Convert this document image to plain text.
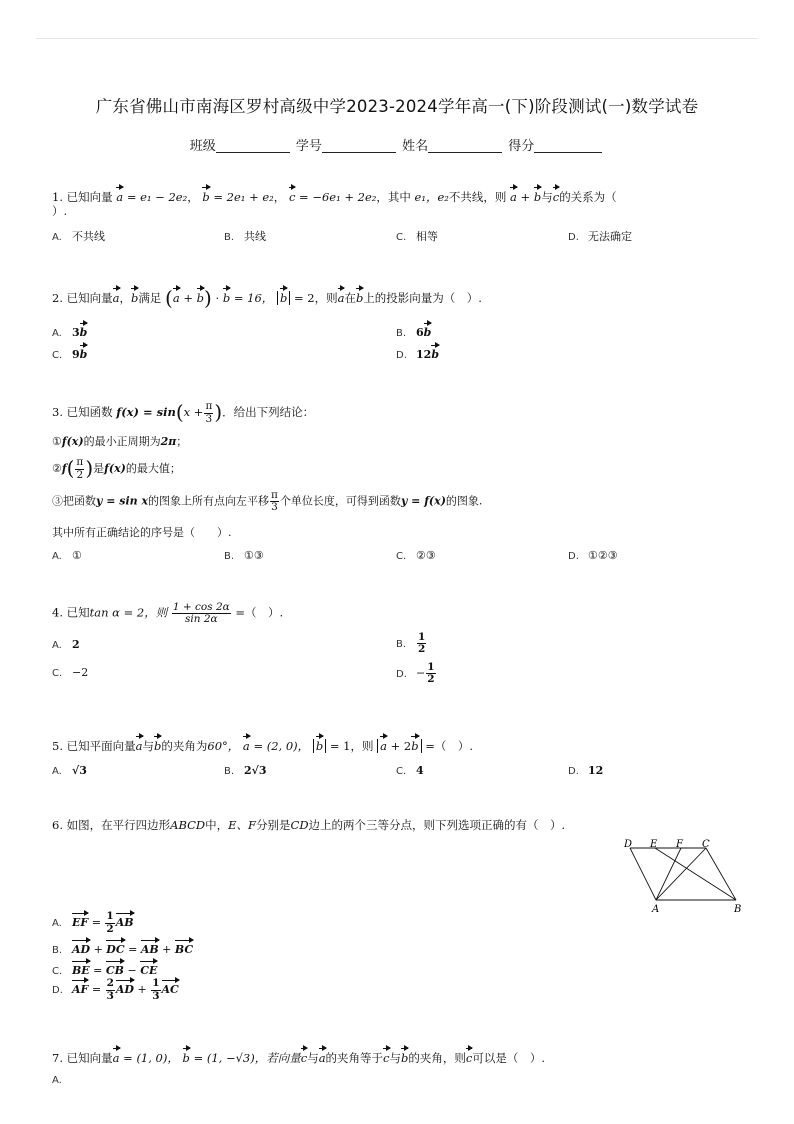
广东省佛山市南海区罗村高级中学2023-2024学年高一(下)阶段测试(一)数学试卷
班级	学号	姓名	得分
1. 已知向量 a = e₁ − 2e₂， b = 2e₁ + e₂， c = −6e₁ + 2e₂，其中 e₁，e₂不共线，则 a + b与c的关系为（
）.
A. 不共线	B. 共线	C. 相等	D. 无法确定
2. 已知向量a，b满足 (a + b) · b = 16， b = 2，则a在b上的投影向量为（　）.
A. 3b	B. 6b
C. 9b	D. 12b
3. 已知函数 $f(x) = \sin(x + \frac{\pi}{3}$ )．给出下列结论：
①f(x)的最小正周期为2π；
②f( $\frac{\pi}{2}$ )是f(x)的最大值；
③把函数y = sin x的图象上所有点向左平移 $\frac{\pi}{3}$ 个单位长度，可得到函数y = f(x)的图象.
其中所有正确结论的序号是（　　）.
A. ①	B. ①③	C. ②③	D. ①②③
4. 已知tan α = 2，则 $\frac{1 + \cos 2\alpha}{\sin 2\alpha}$ =（　）.
A. 2	B. $\frac{1}{2}$
C. −2	D. − $\frac{1}{2}$
5. 已知平面向量a与b的夹角为60°， a = (2, 0)， b = 1，则 a + 2b =（　）.
A. √3	B. 2√3	C. 4	D. 12
6. 如图，在平行四边形ABCD中，E、F分别是CD边上的两个三等分点，则下列选项正确的有（　）.
D E F C
A	B
A. EF = $\frac{1}{2}$ AB
B. AD + DC = AB + BC
C. BE = CB − CE
D. AF = $\frac{2}{3}$ AD + $\frac{1}{3}$ AC
7. 已知向量a = (1, 0)， b = (1, −√3)，若向量c与a的夹角等于c与b的夹角，则c可以是（　）.
A.
